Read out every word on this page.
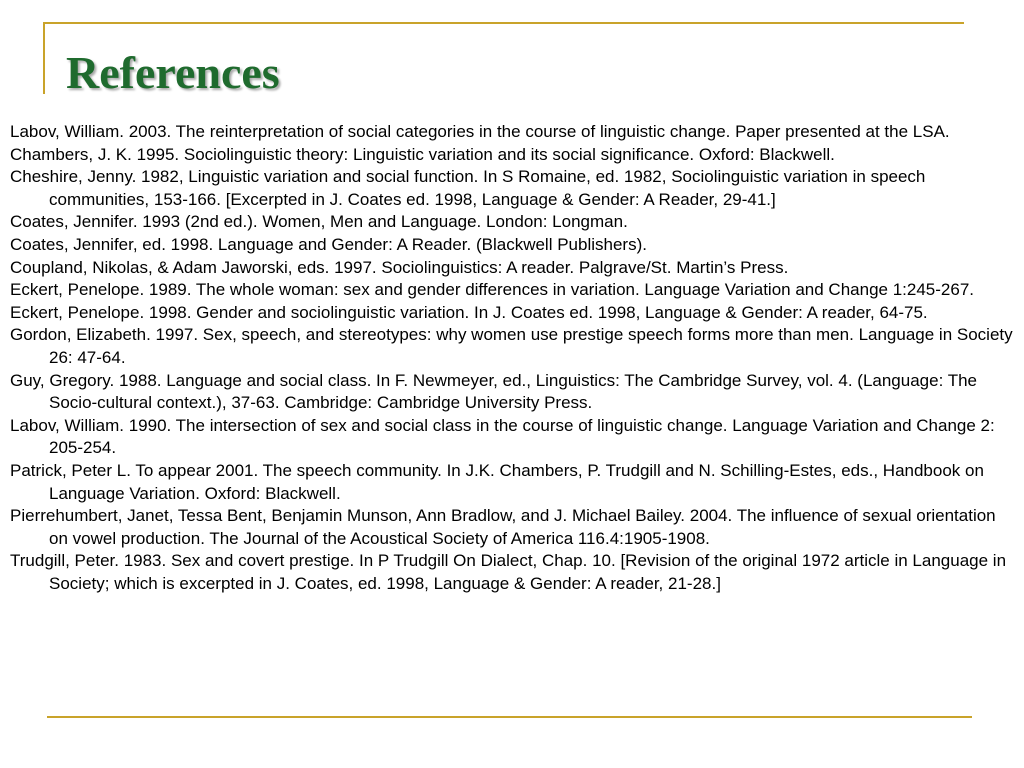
References
Labov, William. 2003. The reinterpretation of social categories in the course of linguistic change. Paper presented at the LSA.
Chambers, J. K. 1995. Sociolinguistic theory: Linguistic variation and its social significance. Oxford: Blackwell.
Cheshire, Jenny. 1982, Linguistic variation and social function. In S Romaine, ed. 1982, Sociolinguistic variation in speech communities, 153-166. [Excerpted in J. Coates ed. 1998, Language & Gender: A Reader, 29-41.]
Coates, Jennifer. 1993 (2nd ed.). Women, Men and Language. London: Longman.
Coates, Jennifer, ed. 1998. Language and Gender: A Reader. (Blackwell Publishers).
Coupland, Nikolas, & Adam Jaworski, eds. 1997. Sociolinguistics: A reader. Palgrave/St. Martin’s Press.
Eckert, Penelope. 1989. The whole woman: sex and gender differences in variation. Language Variation and Change 1:245-267.
Eckert, Penelope. 1998. Gender and sociolinguistic variation. In J. Coates ed. 1998, Language & Gender: A reader, 64-75.
Gordon, Elizabeth. 1997. Sex, speech, and stereotypes: why women use prestige speech forms more than men. Language in Society 26: 47-64.
Guy, Gregory. 1988. Language and social class. In F. Newmeyer, ed., Linguistics: The Cambridge Survey, vol. 4. (Language: The Socio-cultural context.), 37-63. Cambridge: Cambridge University Press.
Labov, William. 1990. The intersection of sex and social class in the course of linguistic change. Language Variation and Change 2: 205-254.
Patrick, Peter L. To appear 2001. The speech community. In J.K. Chambers, P. Trudgill and N. Schilling-Estes, eds., Handbook on Language Variation. Oxford: Blackwell.
Pierrehumbert, Janet, Tessa Bent, Benjamin Munson, Ann Bradlow, and J. Michael Bailey. 2004. The influence of sexual orientation on vowel production. The Journal of the Acoustical Society of America 116.4:1905-1908.
Trudgill, Peter. 1983. Sex and covert prestige. In P Trudgill On Dialect, Chap. 10. [Revision of the original 1972 article in Language in Society; which is excerpted in J. Coates, ed. 1998, Language & Gender: A reader, 21-28.]
